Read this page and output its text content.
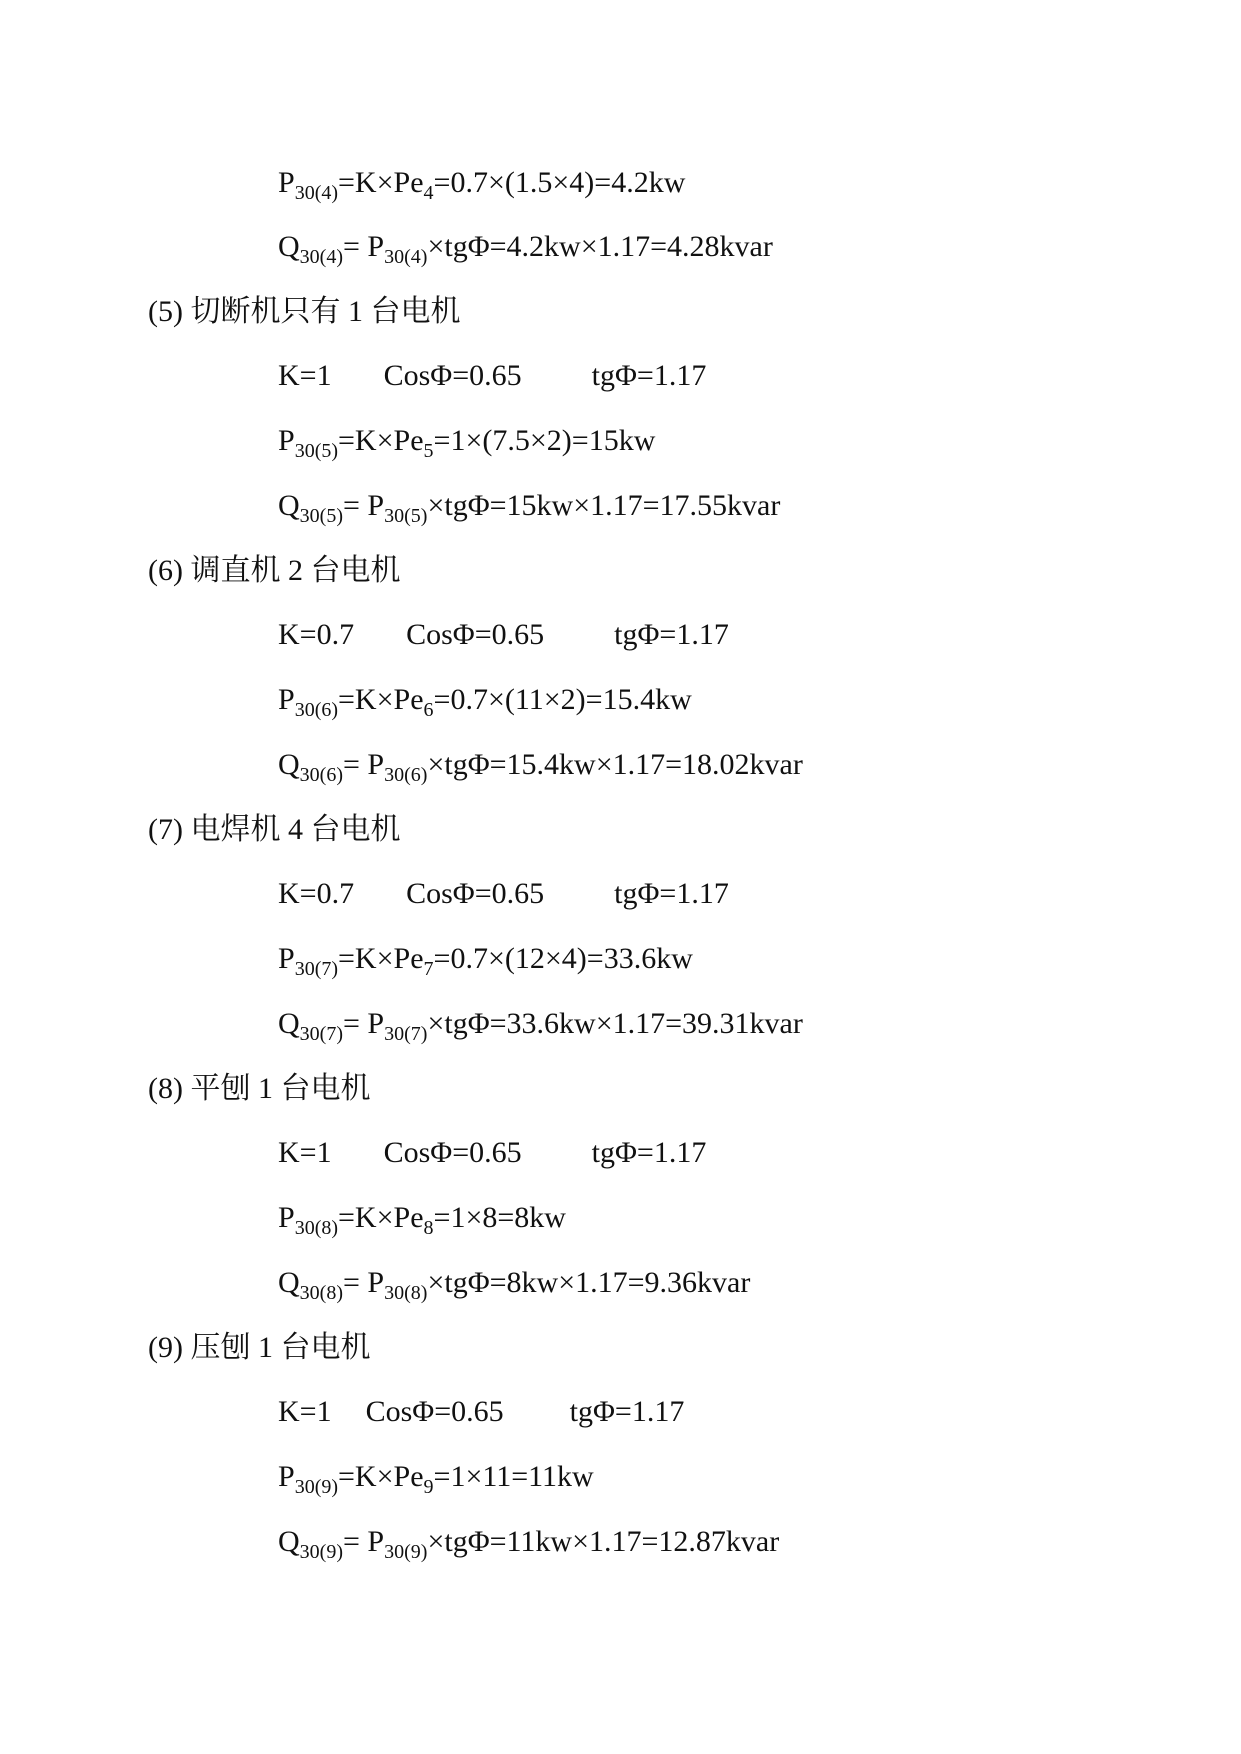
$P_{30(4)}=K\times Pe_4=0.7\times(1.5\times 4)=4.2kw$
$Q_{30(4)}=$ $P_{30(4)}\times tg\Phi=4.2kw\times 1.17=4.28kvar$
(5) 切断机只有 1 台电机
K=1 CosΦ=0.65 tgΦ=1.17
$P_{30(5)}=K\times Pe_5=1\times(7.5\times 2)=15kw$
$Q_{30(5)}=$ $P_{30(5)}\times tg\Phi=15kw\times 1.17=17.55kvar$
(6) 调直机 2 台电机
K=0.7 CosΦ=0.65 tgΦ=1.17
$P_{30(6)}=K\times Pe_6=0.7\times(11\times 2)=15.4kw$
$Q_{30(6)}=$ $P_{30(6)}\times tg\Phi=15.4kw\times 1.17=18.02kvar$
(7) 电焊机 4 台电机
K=0.7 CosΦ=0.65 tgΦ=1.17
$P_{30(7)}=K\times Pe_7=0.7\times(12\times 4)=33.6kw$
$Q_{30(7)}=$ $P_{30(7)}\times tg\Phi=33.6kw\times 1.17=39.31kvar$
(8) 平刨 1 台电机
K=1 CosΦ=0.65 tgΦ=1.17
$P_{30(8)}=K\times Pe_8=1\times 8=8kw$
$Q_{30(8)}=$ $P_{30(8)}\times tg\Phi=8kw\times 1.17=9.36kvar$
(9) 压刨 1 台电机
K=1 CosΦ=0.65 tgΦ=1.17
$P_{30(9)}=K\times Pe_9=1\times 11=11kw$
$Q_{30(9)}=$ $P_{30(9)}\times tg\Phi=11kw\times 1.17=12.87kvar$
